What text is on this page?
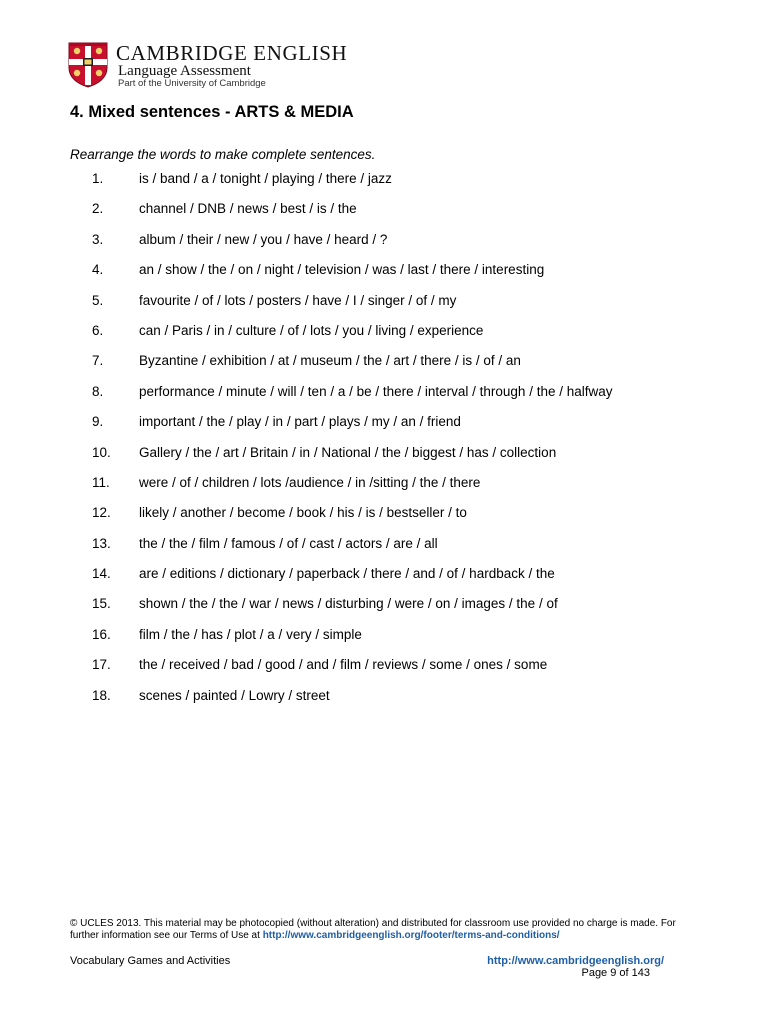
CAMBRIDGE ENGLISH
Language Assessment
Part of the University of Cambridge
4. Mixed sentences - ARTS & MEDIA
Rearrange the words to make complete sentences.
1.	is / band / a / tonight / playing / there / jazz
2.	channel / DNB / news / best / is / the
3.	album / their / new / you / have / heard / ?
4.	an / show / the / on / night / television / was / last / there / interesting
5.	favourite / of / lots / posters / have / I / singer / of / my
6.	can / Paris / in / culture / of / lots / you / living / experience
7.	Byzantine / exhibition / at / museum / the / art / there / is / of / an
8.	performance / minute / will / ten / a / be / there / interval / through / the / halfway
9.	important / the / play / in / part / plays / my / an / friend
10. Gallery / the / art / Britain / in / National / the / biggest / has / collection
11. were / of / children / lots /audience / in /sitting / the / there
12. likely / another / become / book / his / is / bestseller / to
13. the / the / film / famous / of / cast / actors / are / all
14. are / editions / dictionary / paperback / there / and / of / hardback / the
15. shown / the / the / war / news / disturbing / were / on / images / the / of
16. film / the / has / plot / a / very / simple
17. the / received / bad / good / and / film / reviews / some / ones / some
18. scenes / painted / Lowry / street
© UCLES 2013. This material may be photocopied (without alteration) and distributed for classroom use provided no charge is made. For further information see our Terms of Use at http://www.cambridgeenglish.org/footer/terms-and-conditions/
Vocabulary Games and Activities	http://www.cambridgeenglish.org/
Page 9 of 143
